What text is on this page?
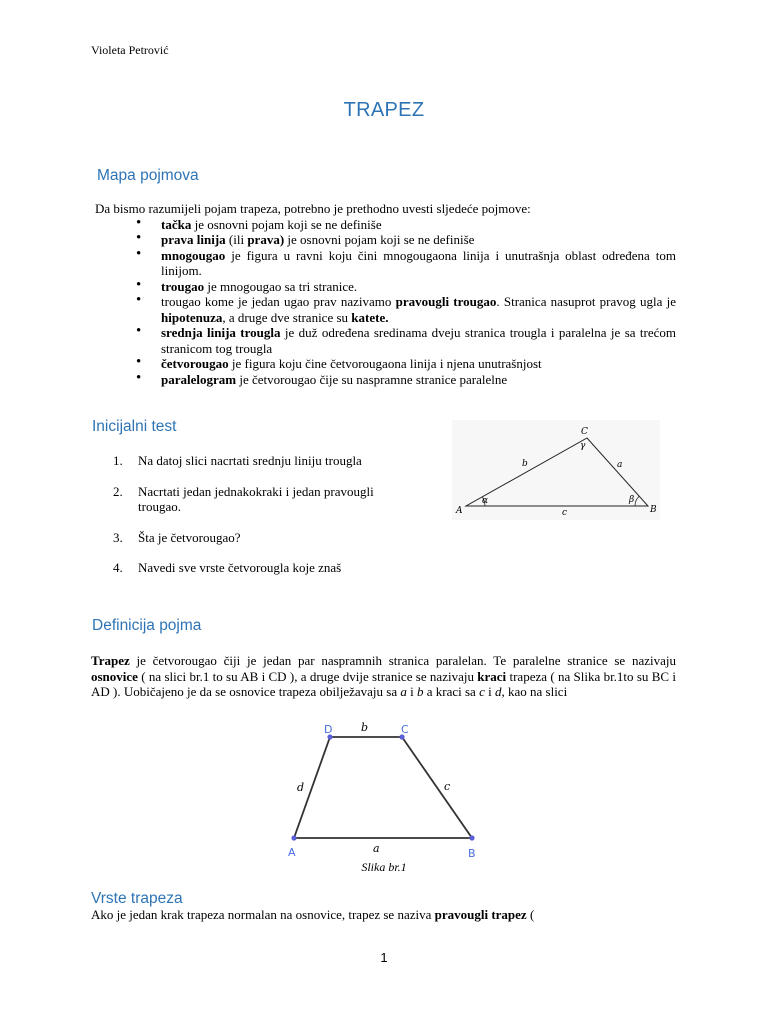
Violeta Petrović
TRAPEZ
Mapa pojmova
Da bismo razumijeli pojam trapeza, potrebno je prethodno uvesti sljedeće pojmove:
• tačka je osnovni pojam koji se ne definiše
• prava linija (ili prava) je osnovni pojam koji se ne definiše
• mnogougao je figura u ravni koju čini mnogougaona linija i unutrašnja oblast određena tom linijom.
• trougao je mnogougao sa tri stranice.
• trougao kome je jedan ugao prav nazivamo pravougli trougao. Stranica nasuprot pravog ugla je hipotenuza, a druge dve stranice su katete.
• srednja linija trougla je duž određena sredinama dveju stranica trougla i paralelna je sa trećom stranicom tog trougla
• četvorougao je figura koju čine četvorougaona linija i njena unutrašnjost
• paralelogram je četvorougao čije su naspramne stranice paralelne
Inicijalni test
1. Na datoj slici nacrtati srednju liniju trougla
2. Nacrtati jedan jednakokraki i jedan pravougli trougao.
3. Šta je četvorougao?
4. Navedi sve vrste četvorougla koje znaš
C
A	B
b	a
c
α	β
γ
Definicija pojma
Trapez je četvorougao čiji je jedan par naspramnih stranica paralelan. Te paralelne stranice se nazivaju osnovice ( na slici br.1 to su AB i CD ), a druge dvije stranice se nazivaju kraci trapeza ( na Slika br.1to su BC i AD ). Uobičajeno je da se osnovice trapeza obilježavaju sa a i b a kraci sa c i d, kao na slici
D	C
A	B
b
c
d
a
Slika br.1
Vrste trapeza
Ako je jedan krak trapeza normalan na osnovice, trapez se naziva pravougli trapez (
1
